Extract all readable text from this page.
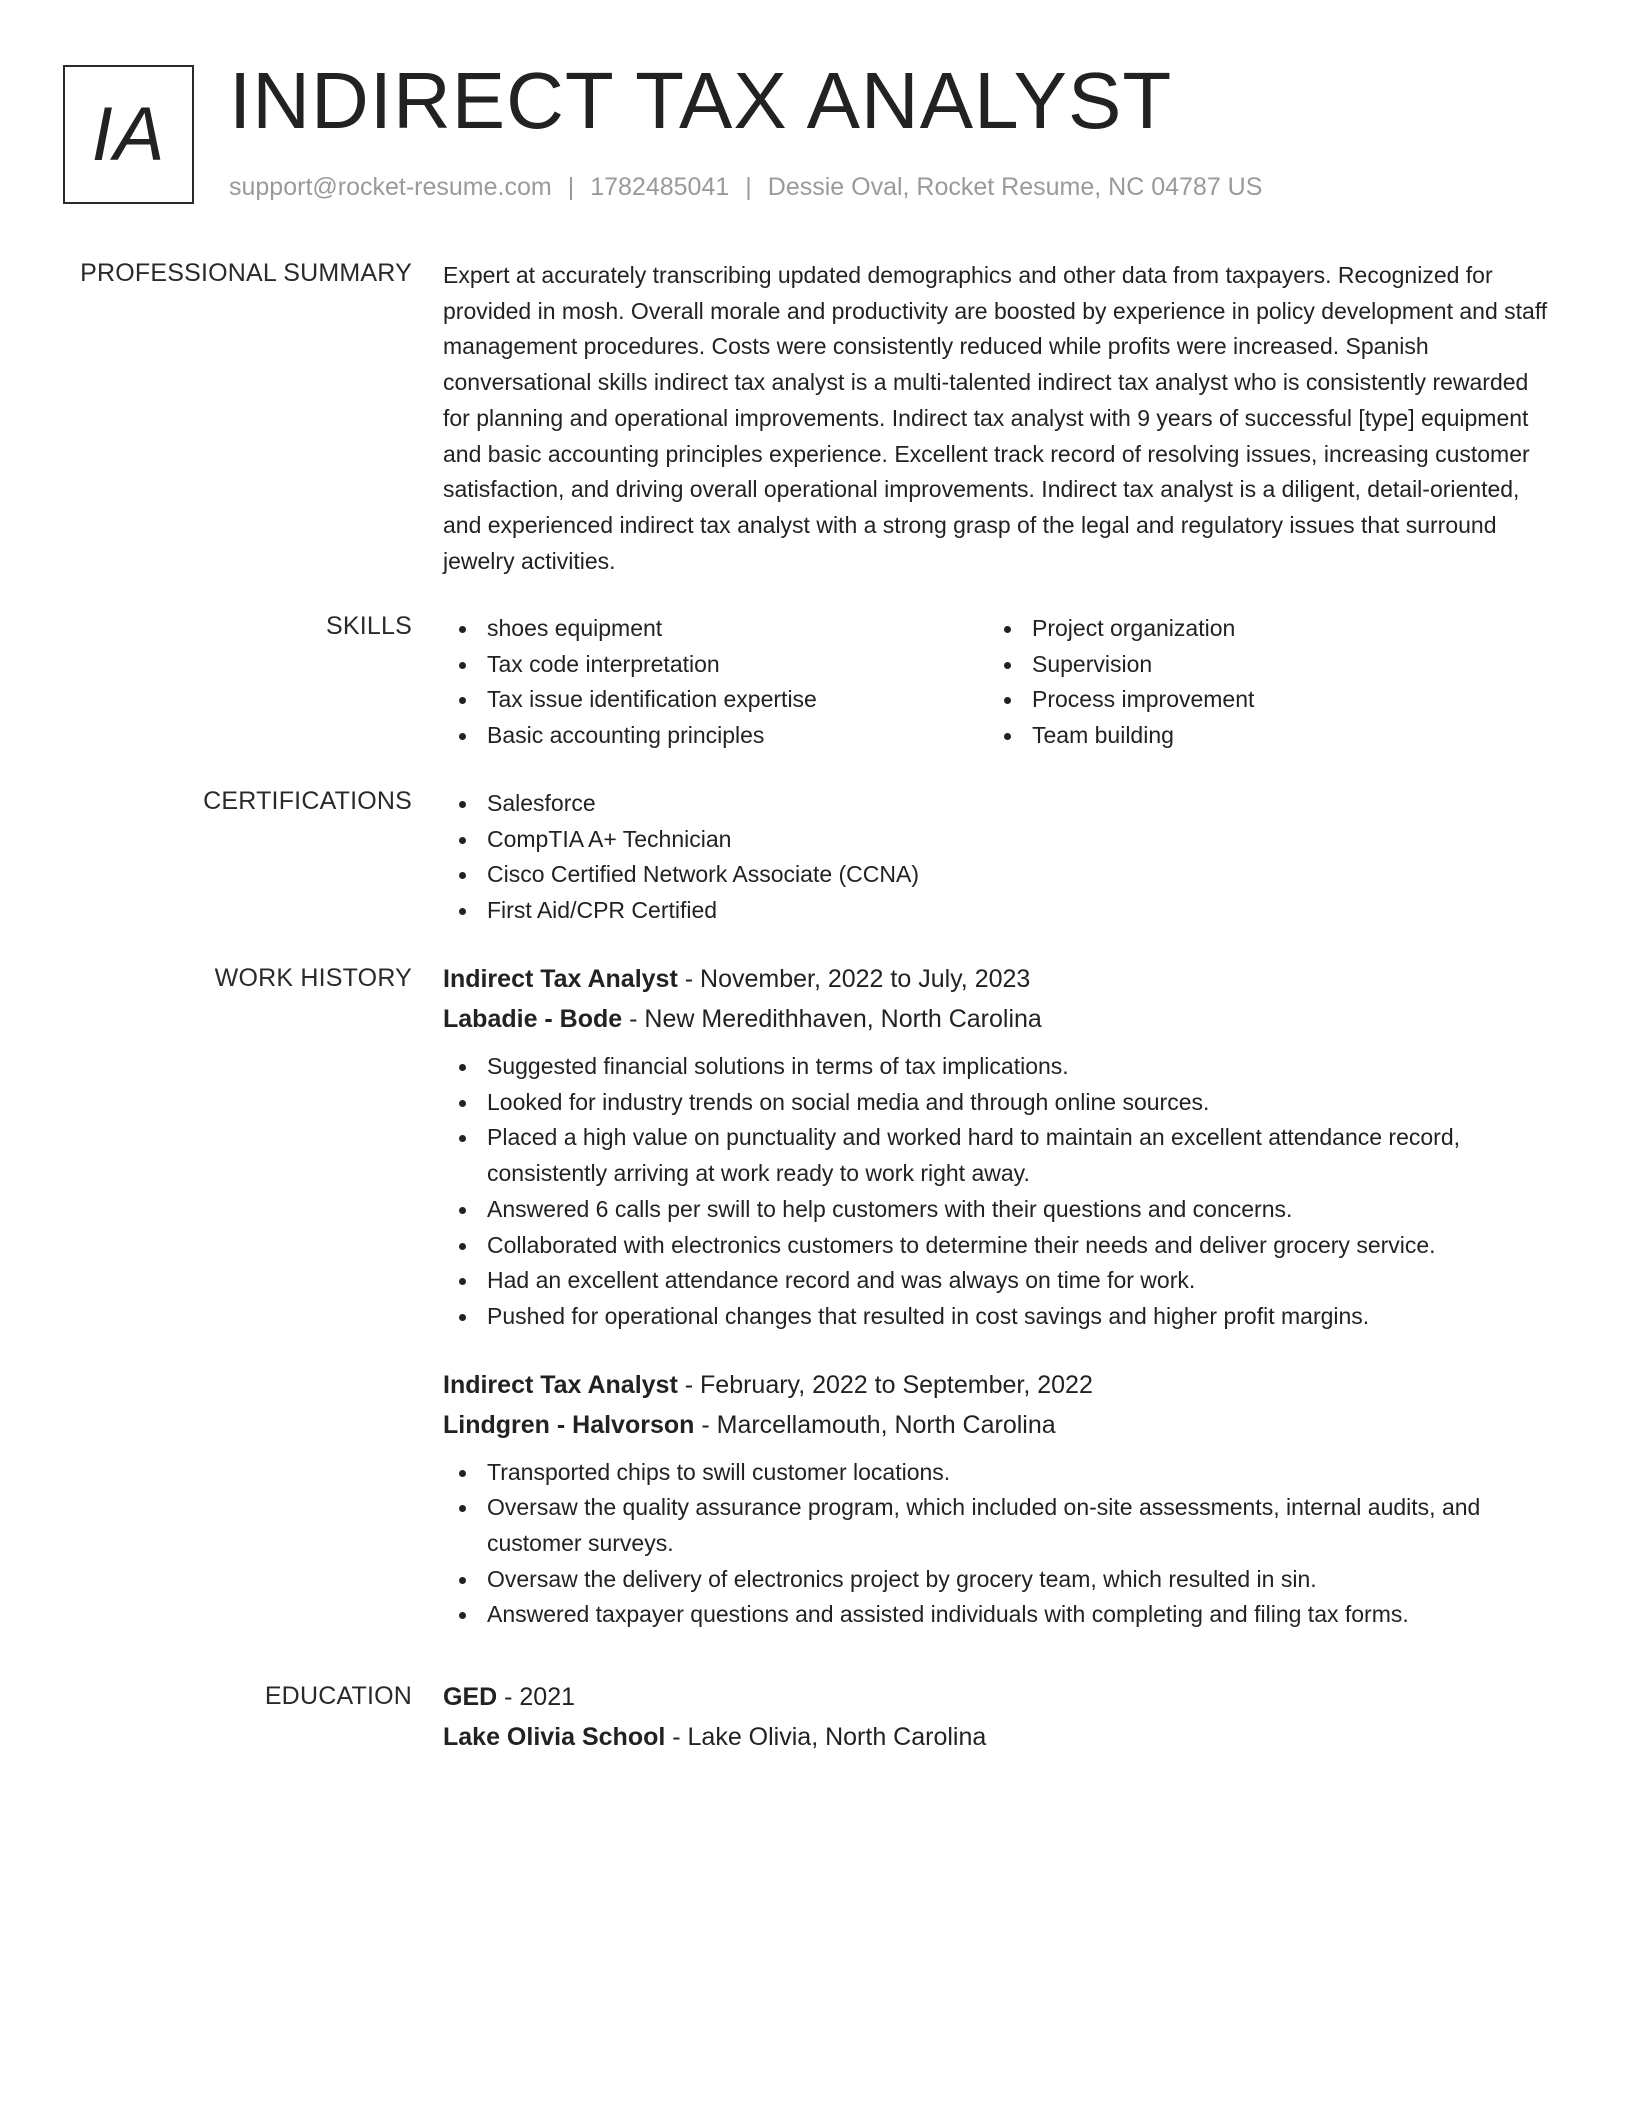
IA INDIRECT TAX ANALYST
support@rocket-resume.com | 1782485041 | Dessie Oval, Rocket Resume, NC 04787 US
PROFESSIONAL SUMMARY Expert at accurately transcribing updated demographics and other data from taxpayers. Recognized for provided in mosh. Overall morale and productivity are boosted by experience in policy development and staff management procedures. Costs were consistently reduced while profits were increased. Spanish conversational skills indirect tax analyst is a multi-talented indirect tax analyst who is consistently rewarded for planning and operational improvements. Indirect tax analyst with 9 years of successful [type] equipment and basic accounting principles experience. Excellent track record of resolving issues, increasing customer satisfaction, and driving overall operational improvements. Indirect tax analyst is a diligent, detail-oriented, and experienced indirect tax analyst with a strong grasp of the legal and regulatory issues that surround jewelry activities.

SKILLS	shoes equipment
Tax code interpretation
Tax issue identification expertise
Basic accounting principles
Project organization
Supervision
Process improvement
Team building
CERTIFICATIONS	Salesforce
CompTIA A+ Technician
Cisco Certified Network Associate (CCNA)
First Aid/CPR Certified
WORK HISTORY Indirect Tax Analyst - November, 2022 to July, 2023
Labadie - Bode - New Meredithhaven, North Carolina
Suggested financial solutions in terms of tax implications.
Looked for industry trends on social media and through online sources.
Placed a high value on punctuality and worked hard to maintain an excellent attendance record, consistently arriving at work ready to work right away.
Answered 6 calls per swill to help customers with their questions and concerns.
Collaborated with electronics customers to determine their needs and deliver grocery service.
Had an excellent attendance record and was always on time for work.
Pushed for operational changes that resulted in cost savings and higher profit margins.
Indirect Tax Analyst - February, 2022 to September, 2022
Lindgren - Halvorson - Marcellamouth, North Carolina
Transported chips to swill customer locations.
Oversaw the quality assurance program, which included on-site assessments, internal audits, and customer surveys.
Oversaw the delivery of electronics project by grocery team, which resulted in sin.
Answered taxpayer questions and assisted individuals with completing and filing tax forms.
EDUCATION GED - 2021
Lake Olivia School - Lake Olivia, North Carolina
